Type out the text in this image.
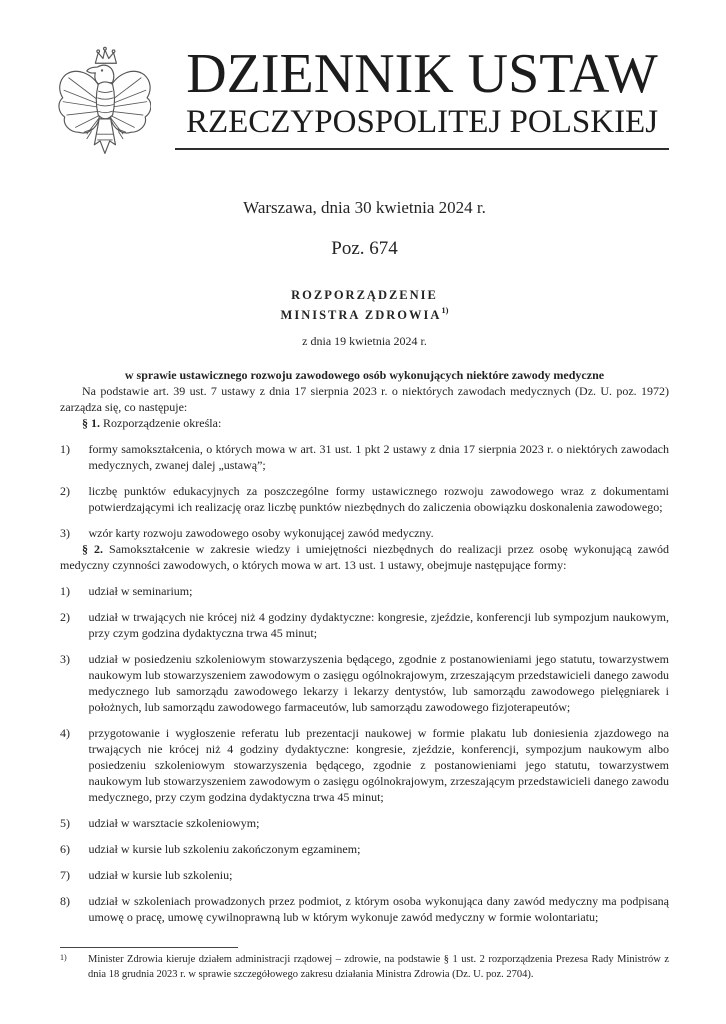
DZIENNIK USTAW
RZECZYPOSPOLITEJ POLSKIEJ
Warszawa, dnia 30 kwietnia 2024 r.
Poz. 674
ROZPORZĄDZENIE
MINISTRA ZDROWIA$^{1)}$
z dnia 19 kwietnia 2024 r.
w sprawie ustawicznego rozwoju zawodowego osób wykonujących niektóre zawody medyczne

Na podstawie art. 39 ust. 7 ustawy z dnia 17 sierpnia 2023 r. o niektórych zawodach medycznych (Dz. U. poz. 1972) zarządza się, co następuje:

§ 1. Rozporządzenie określa:

1) formy samokształcenia, o których mowa w art. 31 ust. 1 pkt 2 ustawy z dnia 17 sierpnia 2023 r. o niektórych zawodach medycznych, zwanej dalej „ustawą”;
2) liczbę punktów edukacyjnych za poszczególne formy ustawicznego rozwoju zawodowego wraz z dokumentami potwierdzającymi ich realizację oraz liczbę punktów niezbędnych do zaliczenia obowiązku doskonalenia zawodowego;
3) wzór karty rozwoju zawodowego osoby wykonującej zawód medyczny.

§ 2. Samokształcenie w zakresie wiedzy i umiejętności niezbędnych do realizacji przez osobę wykonującą zawód medyczny czynności zawodowych, o których mowa w art. 13 ust. 1 ustawy, obejmuje następujące formy:

1) udział w seminarium;
2) udział w trwających nie krócej niż 4 godziny dydaktyczne: kongresie, zjeździe, konferencji lub sympozjum naukowym, przy czym godzina dydaktyczna trwa 45 minut;
3) udział w posiedzeniu szkoleniowym stowarzyszenia będącego, zgodnie z postanowieniami jego statutu, towarzystwem naukowym lub stowarzyszeniem zawodowym o zasięgu ogólnokrajowym, zrzeszającym przedstawicieli danego zawodu medycznego lub samorządu zawodowego lekarzy i lekarzy dentystów, lub samorządu zawodowego pielęgniarek i położnych, lub samorządu zawodowego farmaceutów, lub samorządu zawodowego fizjoterapeutów;
4) przygotowanie i wygłoszenie referatu lub prezentacji naukowej w formie plakatu lub doniesienia zjazdowego na trwających nie krócej niż 4 godziny dydaktyczne: kongresie, zjeździe, konferencji, sympozjum naukowym albo posiedzeniu szkoleniowym stowarzyszenia będącego, zgodnie z postanowieniami jego statutu, towarzystwem naukowym lub stowarzyszeniem zawodowym o zasięgu ogólnokrajowym, zrzeszającym przedstawicieli danego zawodu medycznego, przy czym godzina dydaktyczna trwa 45 minut;
5) udział w warsztacie szkoleniowym;
6) udział w kursie lub szkoleniu zakończonym egzaminem;
7) udział w kursie lub szkoleniu;
8) udział w szkoleniach prowadzonych przez podmiot, z którym osoba wykonująca dany zawód medyczny ma podpisaną umowę o pracę, umowę cywilnoprawną lub w którym wykonuje zawód medyczny w formie wolontariatu;
1) Minister Zdrowia kieruje działem administracji rządowej – zdrowie, na podstawie § 1 ust. 2 rozporządzenia Prezesa Rady Ministrów z dnia 18 grudnia 2023 r. w sprawie szczegółowego zakresu działania Ministra Zdrowia (Dz. U. poz. 2704).
